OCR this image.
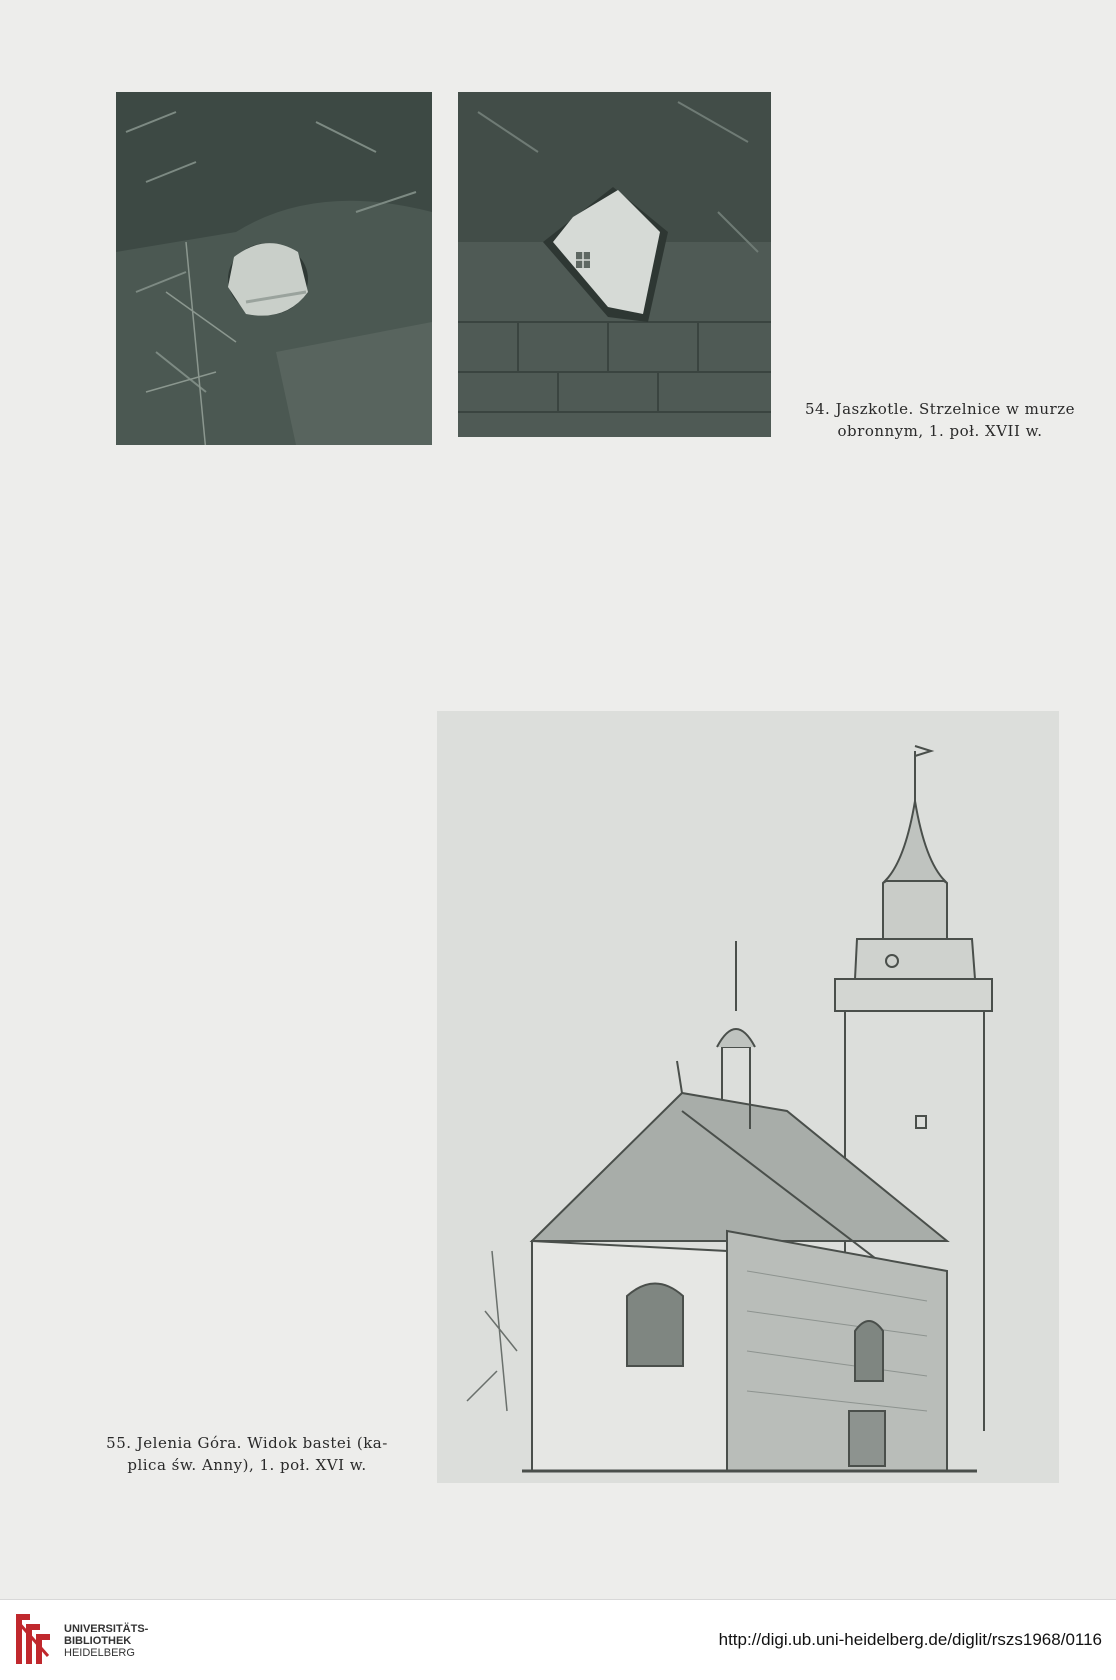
54. Jaszkotle. Strzelnice w murze
obronnym, 1. poł. XVII w.
55. Jelenia Góra. Widok bastei (ka-
plica św. Anny), 1. poł. XVI w.
UNIVERSITÄTS-
BIBLIOTHEK
HEIDELBERG
http://digi.ub.uni-heidelberg.de/diglit/rszs1968/0116
